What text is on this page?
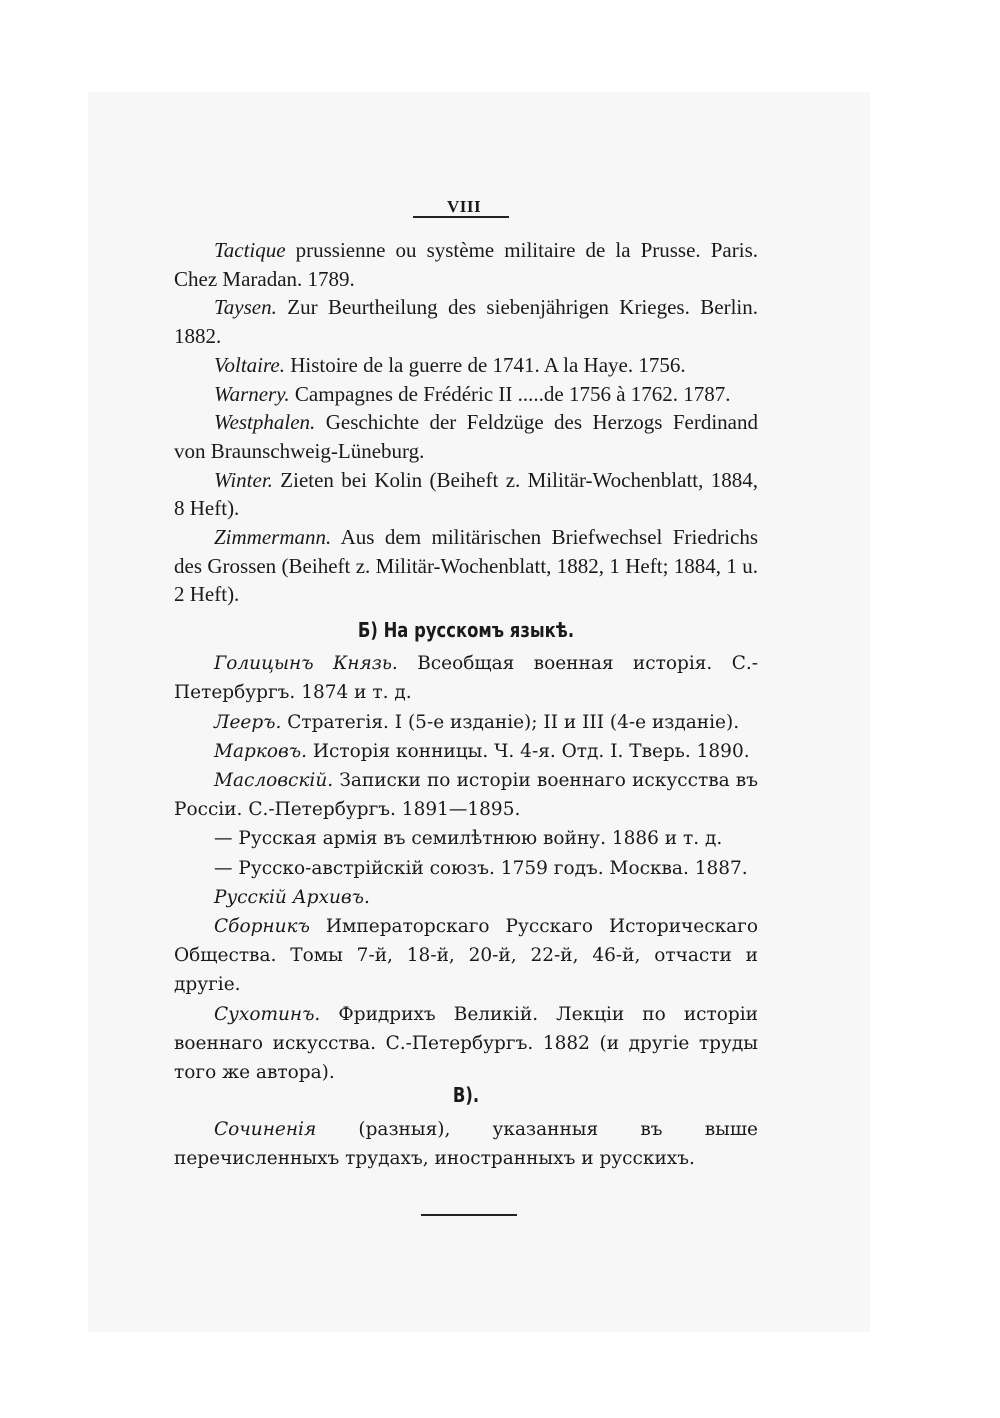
VIII

Tactique prussienne ou système militaire de la Prusse. Paris. Chez Maradan. 1789.

Taysen. Zur Beurtheilung des siebenjährigen Krieges. Berlin. 1882.

Voltaire. Histoire de la guerre de 1741. A la Haye. 1756.

Warnery. Campagnes de Frédéric II .....de 1756 à 1762. 1787.

Westphalen. Geschichte der Feldzüge des Herzogs Ferdinand von Braunschweig-Lüneburg.

Winter. Zieten bei Kolin (Beiheft z. Militär-Wochenblatt, 1884, 8 Heft).

Zimmermann. Aus dem militärischen Briefwechsel Friedrichs des Grossen (Beiheft z. Militär-Wochenblatt, 1882, 1 Heft; 1884, 1 u. 2 Heft).

Б) На русскомъ языкѣ.

Голицынъ Князь. Всеобщая военная исторія. С.-Петербургъ. 1874 и т. д.

Лееръ. Стратегія. I (5-е изданіе); II и III (4-е изданіе).

Марковъ. Исторія конницы. Ч. 4-я. Отд. I. Тверь. 1890.

Масловскій. Записки по исторіи военнаго искусства въ Россіи. С.-Петербургъ. 1891—1895.

— Русская армія въ семилѣтнюю войну. 1886 и т. д.

— Русско-австрійскій союзъ. 1759 годъ. Москва. 1887.

Русскій Архивъ.

Сборникъ Императорскаго Русскаго Историческаго Общества. Томы 7-й, 18-й, 20-й, 22-й, 46-й, отчасти и другіе.

Сухотинъ. Фридрихъ Великій. Лекціи по исторіи военнаго искусства. С.-Петербургъ. 1882 (и другіе труды того же автора).

В).

Сочиненія (разныя), указанныя въ выше перечисленныхъ трудахъ, иностранныхъ и русскихъ.
